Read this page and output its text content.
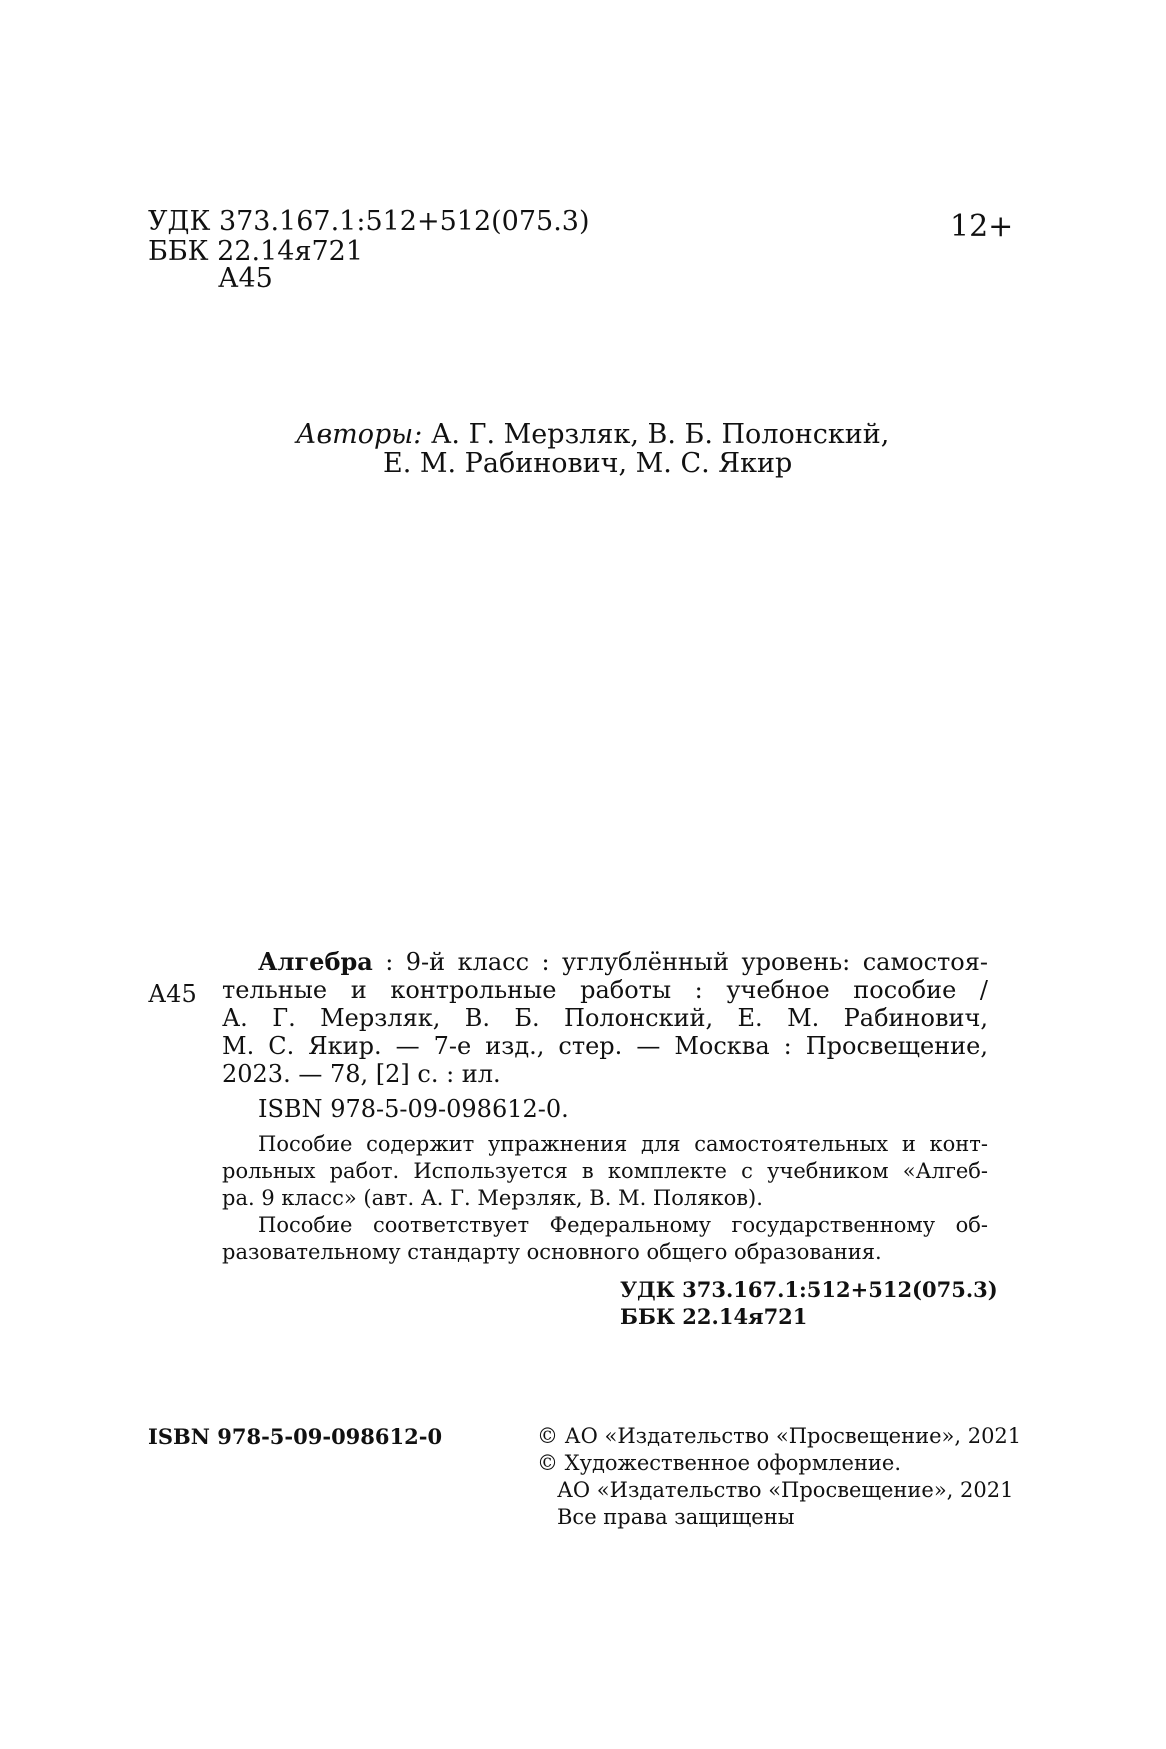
УДК 373.167.1:512+512(075.3)
ББК 22.14я721
А45
12+
Авторы: А. Г. Мерзляк, В. Б. Полонский,
Е. М. Рабинович, М. С. Якир
А45
Алгебра : 9-й класс : углублённый уровень: самостоя-
тельные и контрольные работы : учебное пособие /
А. Г. Мерзляк, В. Б. Полонский, Е. М. Рабинович,
М. С. Якир. — 7-е изд., стер. — Москва : Просвещение,
2023. — 78, [2] с. : ил.
ISBN 978-5-09-098612-0.
Пособие содержит упражнения для самостоятельных и конт-
рольных работ. Используется в комплекте с учебником «Алгеб-
ра. 9 класс» (авт. А. Г. Мерзляк, В. М. Поляков).
Пособие соответствует Федеральному государственному об-
разовательному стандарту основного общего образования.
УДК 373.167.1:512+512(075.3)
ББК 22.14я721
ISBN 978-5-09-098612-0	© АО «Издательство «Просвещение», 2021
© Художественное оформление.
АО «Издательство «Просвещение», 2021
Все права защищены
